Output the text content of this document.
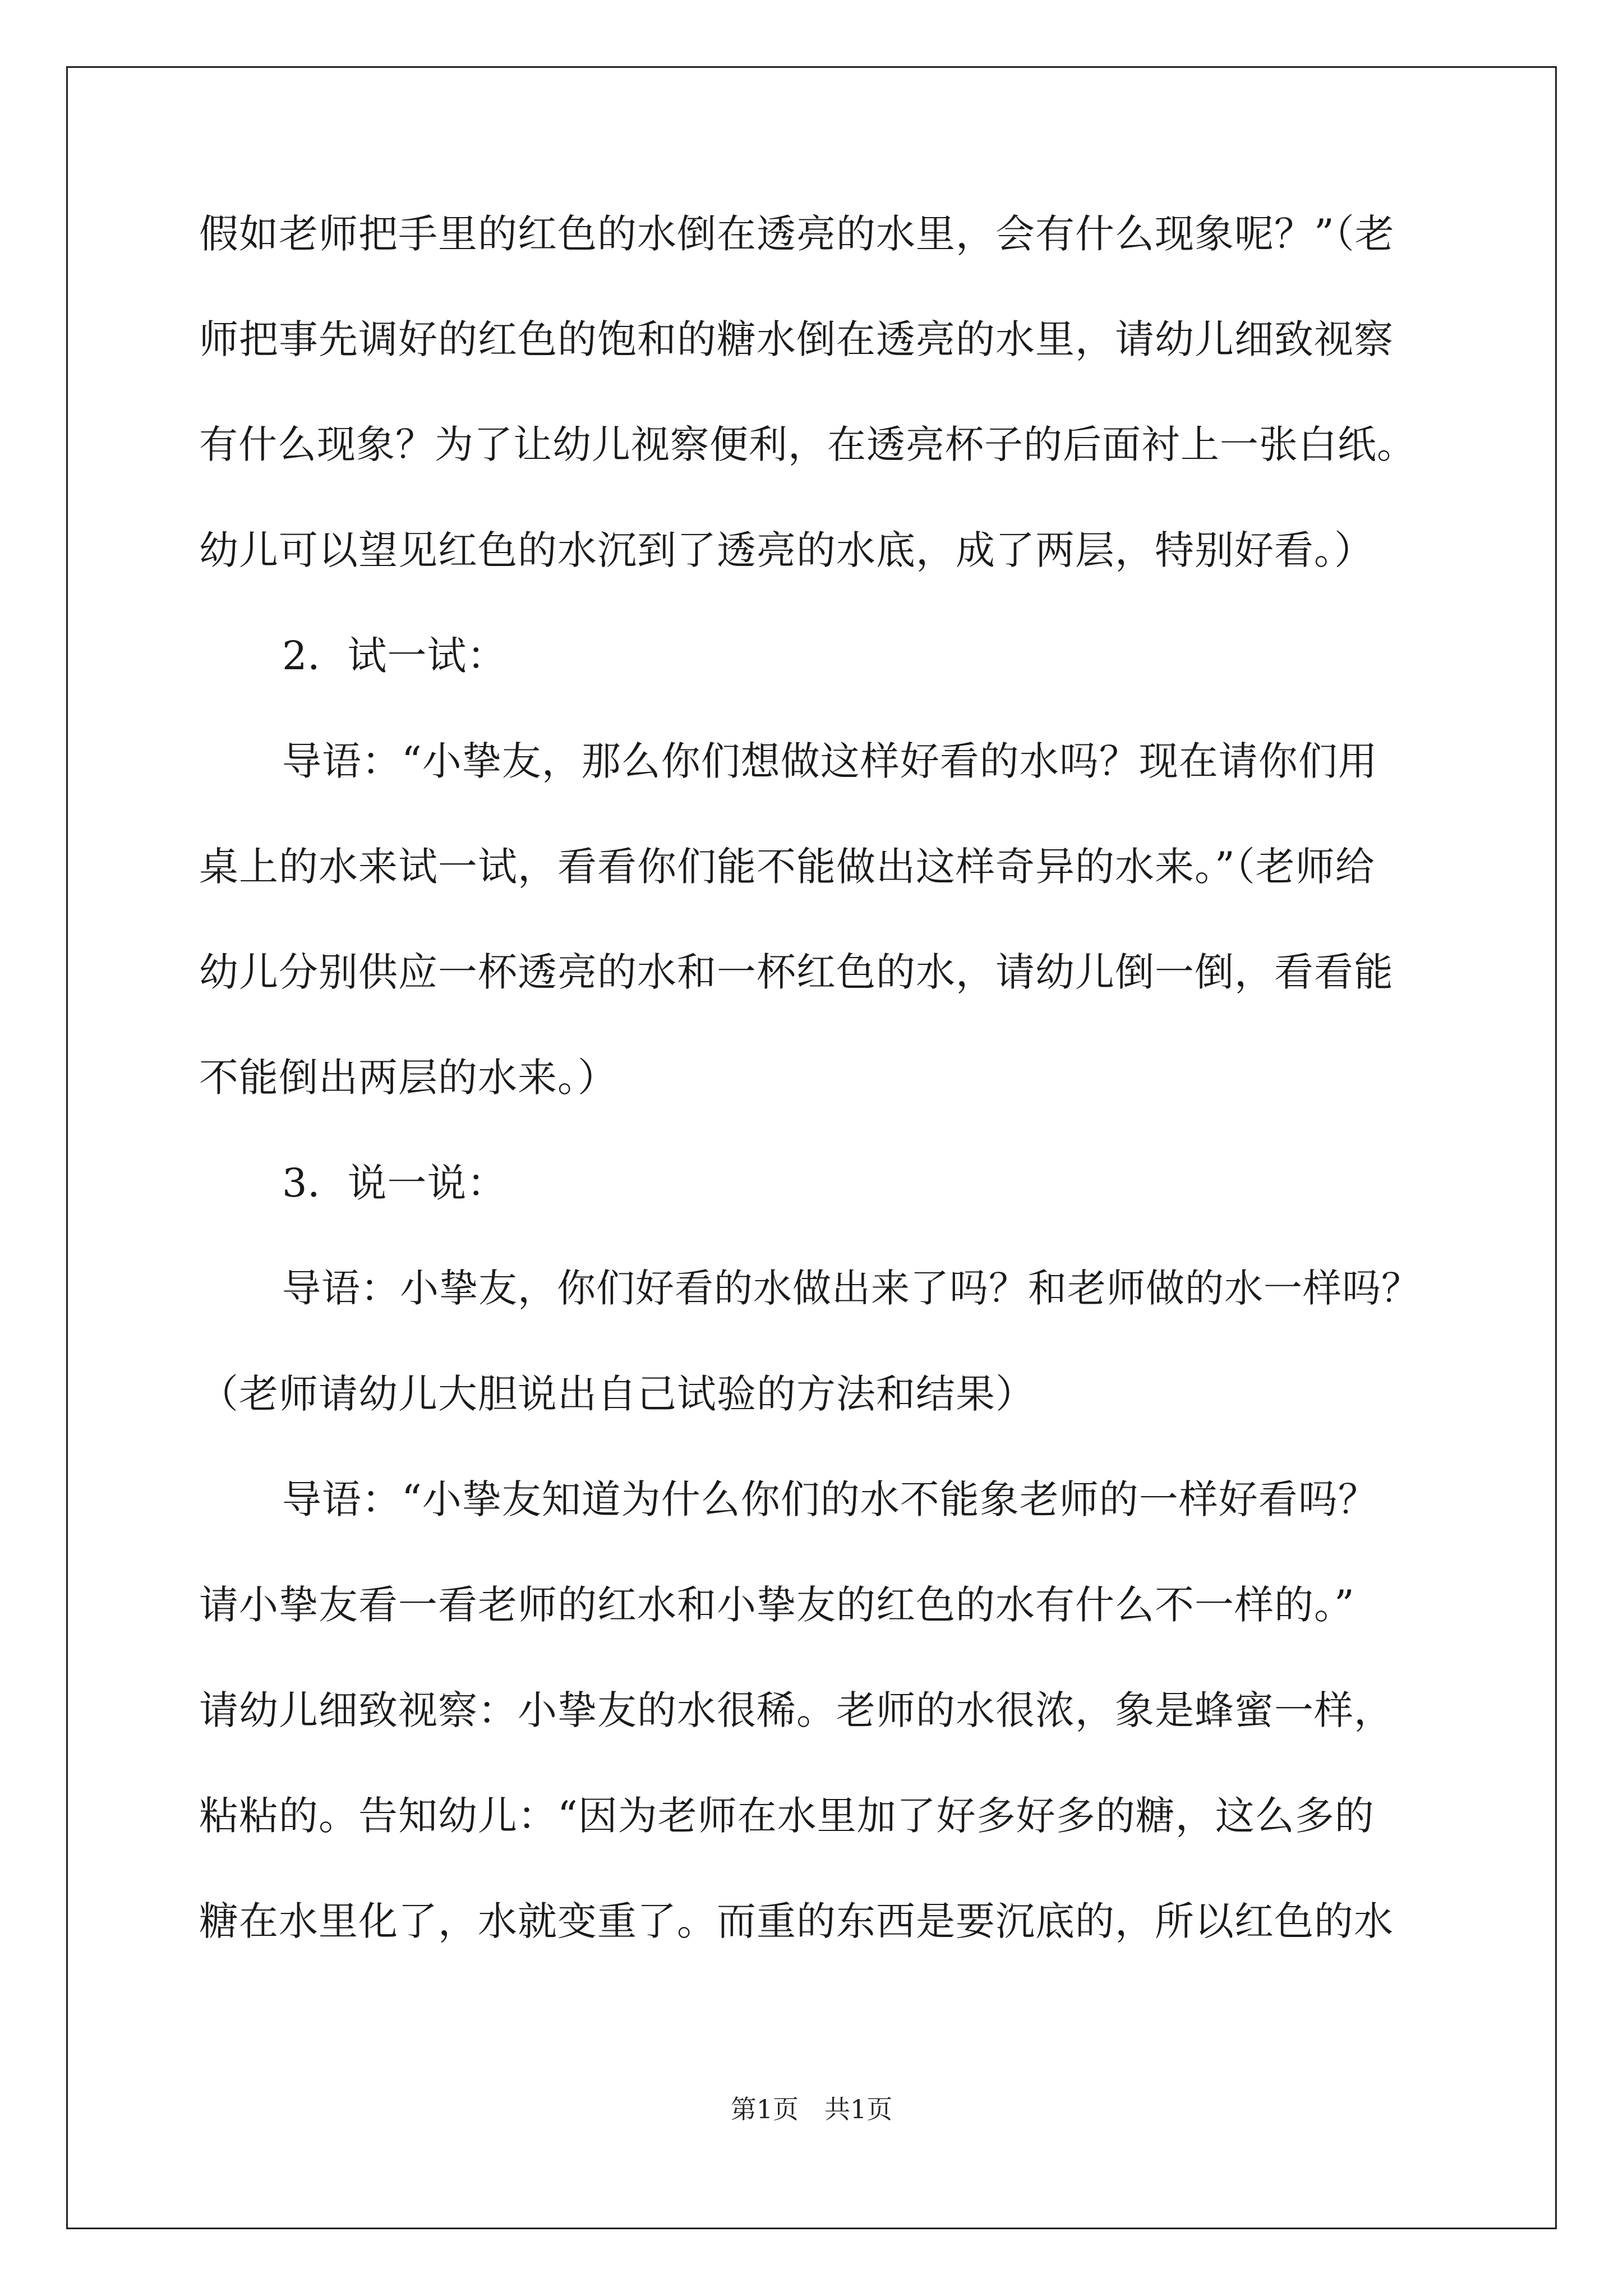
假如老师把手里的红色的水倒在透亮的水里，会有什么现象呢？”（老
师把事先调好的红色的饱和的糖水倒在透亮的水里，请幼儿细致视察
有什么现象？为了让幼儿视察便利，在透亮杯子的后面衬上一张白纸。
幼儿可以望见红色的水沉到了透亮的水底，成了两层，特别好看。）
2．试一试：
导语：“小挚友，那么你们想做这样好看的水吗？现在请你们用
桌上的水来试一试，看看你们能不能做出这样奇异的水来。”（老师给
幼儿分别供应一杯透亮的水和一杯红色的水，请幼儿倒一倒，看看能
不能倒出两层的水来。）
3．说一说：
导语：小挚友，你们好看的水做出来了吗？和老师做的水一样吗？
（老师请幼儿大胆说出自己试验的方法和结果）
导语：“小挚友知道为什么你们的水不能象老师的一样好看吗？
请小挚友看一看老师的红水和小挚友的红色的水有什么不一样的。”
请幼儿细致视察：小挚友的水很稀。老师的水很浓，象是蜂蜜一样，
粘粘的。告知幼儿：“因为老师在水里加了好多好多的糖，这么多的
糖在水里化了，水就变重了。而重的东西是要沉底的，所以红色的水
第1页　共1页
